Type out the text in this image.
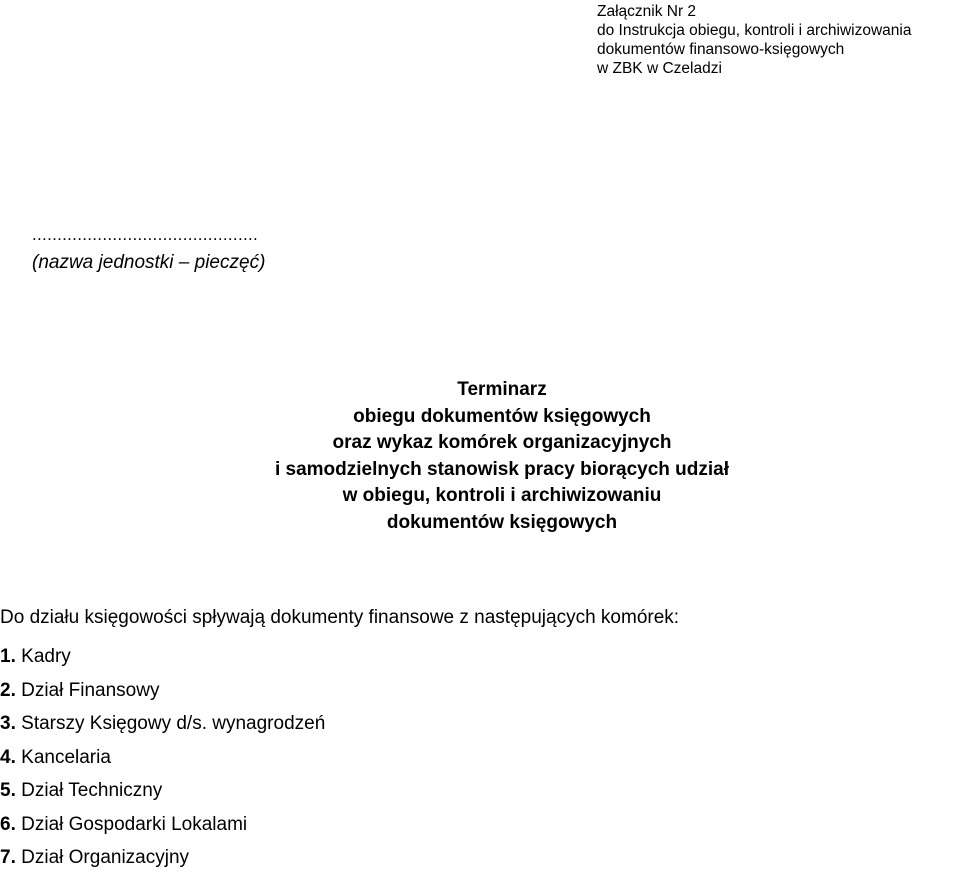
Załącznik Nr 2
do Instrukcja obiegu, kontroli i archiwizowania
dokumentów finansowo-księgowych
w ZBK w Czeladzi
.............................................
(nazwa jednostki – pieczęć)
Terminarz
obiegu dokumentów księgowych
oraz wykaz komórek organizacyjnych
i samodzielnych stanowisk pracy biorących udział
w obiegu, kontroli i archiwizowaniu
dokumentów księgowych
Do działu księgowości spływają dokumenty finansowe z następujących komórek:
1. Kadry
2. Dział Finansowy
3. Starszy Księgowy d/s. wynagrodzeń
4. Kancelaria
5. Dział Techniczny
6. Dział Gospodarki Lokalami
7. Dział Organizacyjny
